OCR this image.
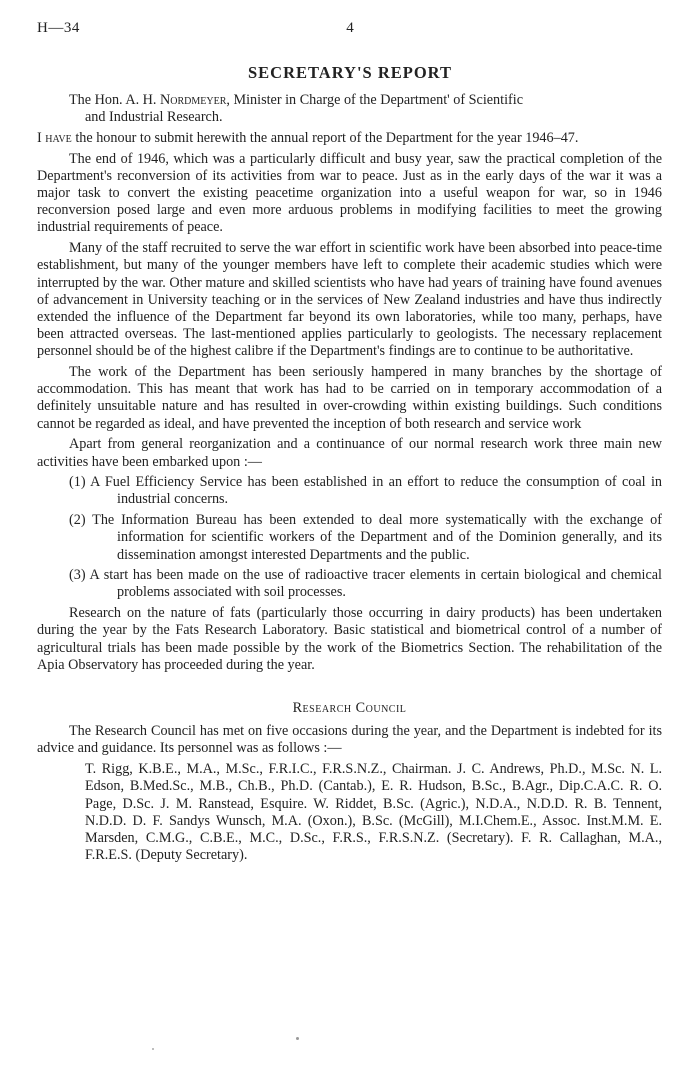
H—34	4
SECRETARY'S REPORT

The Hon. A. H. Nordmeyer, Minister in Charge of the Department' of Scientific
and Industrial Research.

I have the honour to submit herewith the annual report of the Department for the year 1946–47.

The end of 1946, which was a particularly difficult and busy year, saw the practical completion of the Department's reconversion of its activities from war to peace. Just as in the early days of the war it was a major task to convert the existing peacetime organization into a useful weapon for war, so in 1946 reconversion posed large and even more arduous problems in modifying facilities to meet the growing industrial requirements of peace.

Many of the staff recruited to serve the war effort in scientific work have been absorbed into peace-time establishment, but many of the younger members have left to complete their academic studies which were interrupted by the war. Other mature and skilled scientists who have had years of training have found avenues of advancement in University teaching or in the services of New Zealand industries and have thus indirectly extended the influence of the Department far beyond its own laboratories, while too many, perhaps, have been attracted overseas. The last-mentioned applies particularly to geologists. The necessary replacement personnel should be of the highest calibre if the Department's findings are to continue to be authoritative.

The work of the Department has been seriously hampered in many branches by the shortage of accommodation. This has meant that work has had to be carried on in temporary accommodation of a definitely unsuitable nature and has resulted in over-crowding within existing buildings. Such conditions cannot be regarded as ideal, and have prevented the inception of both research and service work

Apart from general reorganization and a continuance of our normal research work three main new activities have been embarked upon :—

(1) A Fuel Efficiency Service has been established in an effort to reduce the consumption of coal in industrial concerns.

(2) The Information Bureau has been extended to deal more systematically with the exchange of information for scientific workers of the Department and of the Dominion generally, and its dissemination amongst interested Departments and the public.

(3) A start has been made on the use of radioactive tracer elements in certain biological and chemical problems associated with soil processes.

Research on the nature of fats (particularly those occurring in dairy products) has been undertaken during the year by the Fats Research Laboratory. Basic statistical and biometrical control of a number of agricultural trials has been made possible by the work of the Biometrics Section. The rehabilitation of the Apia Observatory has proceeded during the year.

Research Council

The Research Council has met on five occasions during the year, and the Department is indebted for its advice and guidance. Its personnel was as follows :—

T. Rigg, K.B.E., M.A., M.Sc., F.R.I.C., F.R.S.N.Z., Chairman. J. C. Andrews, Ph.D., M.Sc. N. L. Edson, B.Med.Sc., M.B., Ch.B., Ph.D. (Cantab.), E. R. Hudson, B.Sc., B.Agr., Dip.C.A.C. R. O. Page, D.Sc. J. M. Ranstead, Esquire. W. Riddet, B.Sc. (Agric.), N.D.A., N.D.D. R. B. Tennent, N.D.D. D. F. Sandys Wunsch, M.A. (Oxon.), B.Sc. (McGill), M.I.Chem.E., Assoc. Inst.M.M. E. Marsden, C.M.G., C.B.E., M.C., D.Sc., F.R.S., F.R.S.N.Z. (Secretary). F. R. Callaghan, M.A., F.R.E.S. (Deputy Secretary).
